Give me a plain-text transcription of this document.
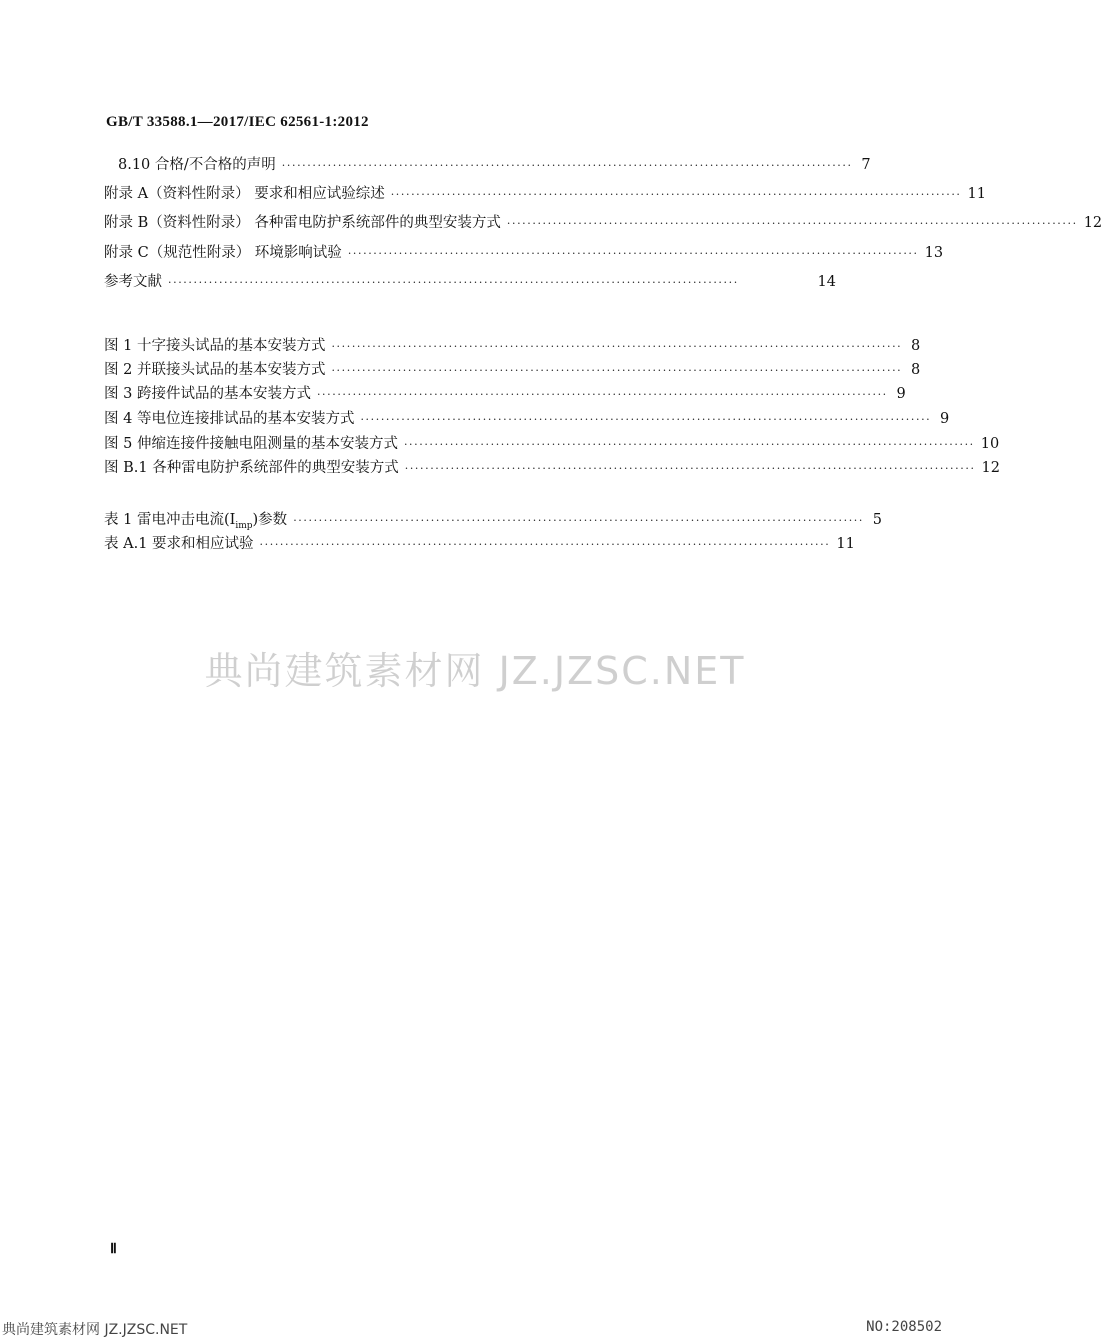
GB/T 33588.1—2017/IEC 62561-1:2012
8.10 合格/不合格的声明 ················································································································ 7
附录 A（资料性附录） 要求和相应试验综述 ················································································································ 11
附录 B（资料性附录） 各种雷电防护系统部件的典型安装方式 ················································································································ 12
附录 C（规范性附录） 环境影响试验 ················································································································ 13
参考文献 ················································································································	14
图 1 十字接头试品的基本安装方式 ················································································································ 8
图 2 并联接头试品的基本安装方式 ················································································································ 8
图 3 跨接件试品的基本安装方式 ················································································································ 9
图 4 等电位连接排试品的基本安装方式 ················································································································ 9
图 5 伸缩连接件接触电阻测量的基本安装方式 ················································································································ 10
图 B.1 各种雷电防护系统部件的典型安装方式 ················································································································ 12
表 1 雷电冲击电流$(I_{imp})$参数 ················································································································ 5
表 A.1 要求和相应试验 ················································································································ 11
典尚建筑素材网 JZ.JZSC.NET
Ⅱ
典尚建筑素材网 JZ.JZSC.NET	NO:208502
